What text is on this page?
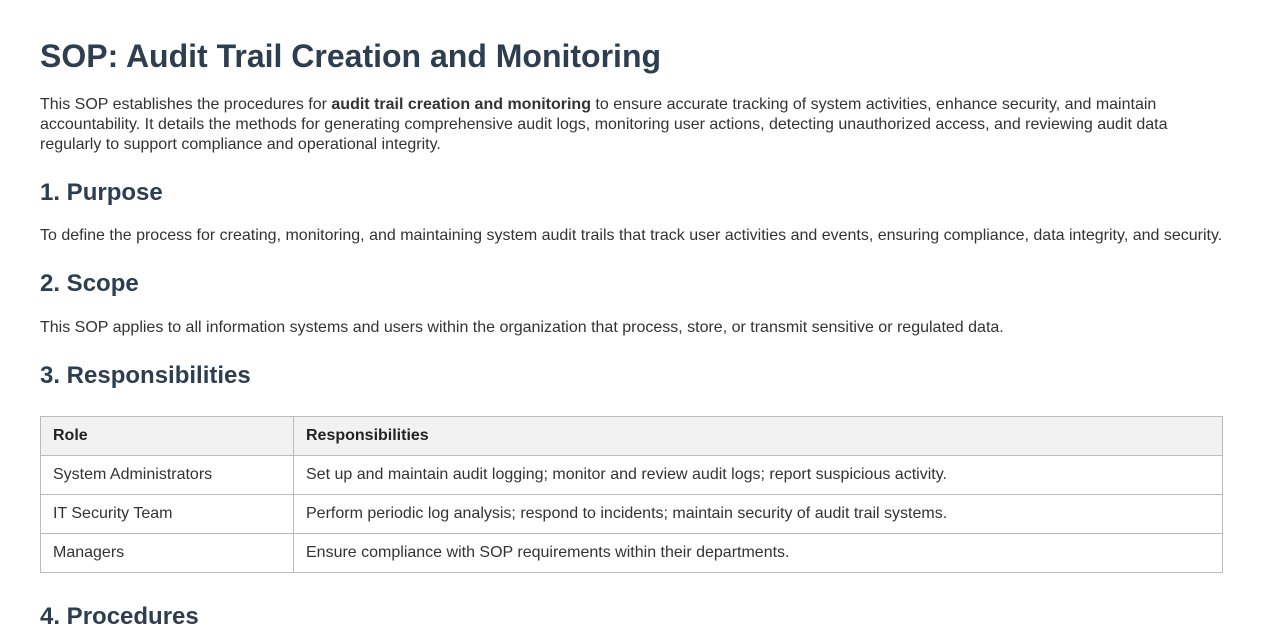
SOP: Audit Trail Creation and Monitoring

This SOP establishes the procedures for audit trail creation and monitoring to ensure accurate tracking of system activities, enhance security, and maintain accountability. It details the methods for generating comprehensive audit logs, monitoring user actions, detecting unauthorized access, and reviewing audit data regularly to support compliance and operational integrity.

1. Purpose

To define the process for creating, monitoring, and maintaining system audit trails that track user activities and events, ensuring compliance, data integrity, and security.

2. Scope

This SOP applies to all information systems and users within the organization that process, store, or transmit sensitive or regulated data.

3. Responsibilities
Role	Responsibilities
System Administrators	Set up and maintain audit logging; monitor and review audit logs; report suspicious activity.
IT Security Team	Perform periodic log analysis; respond to incidents; maintain security of audit trail systems.
Managers	Ensure compliance with SOP requirements within their departments.
4. Procedures
